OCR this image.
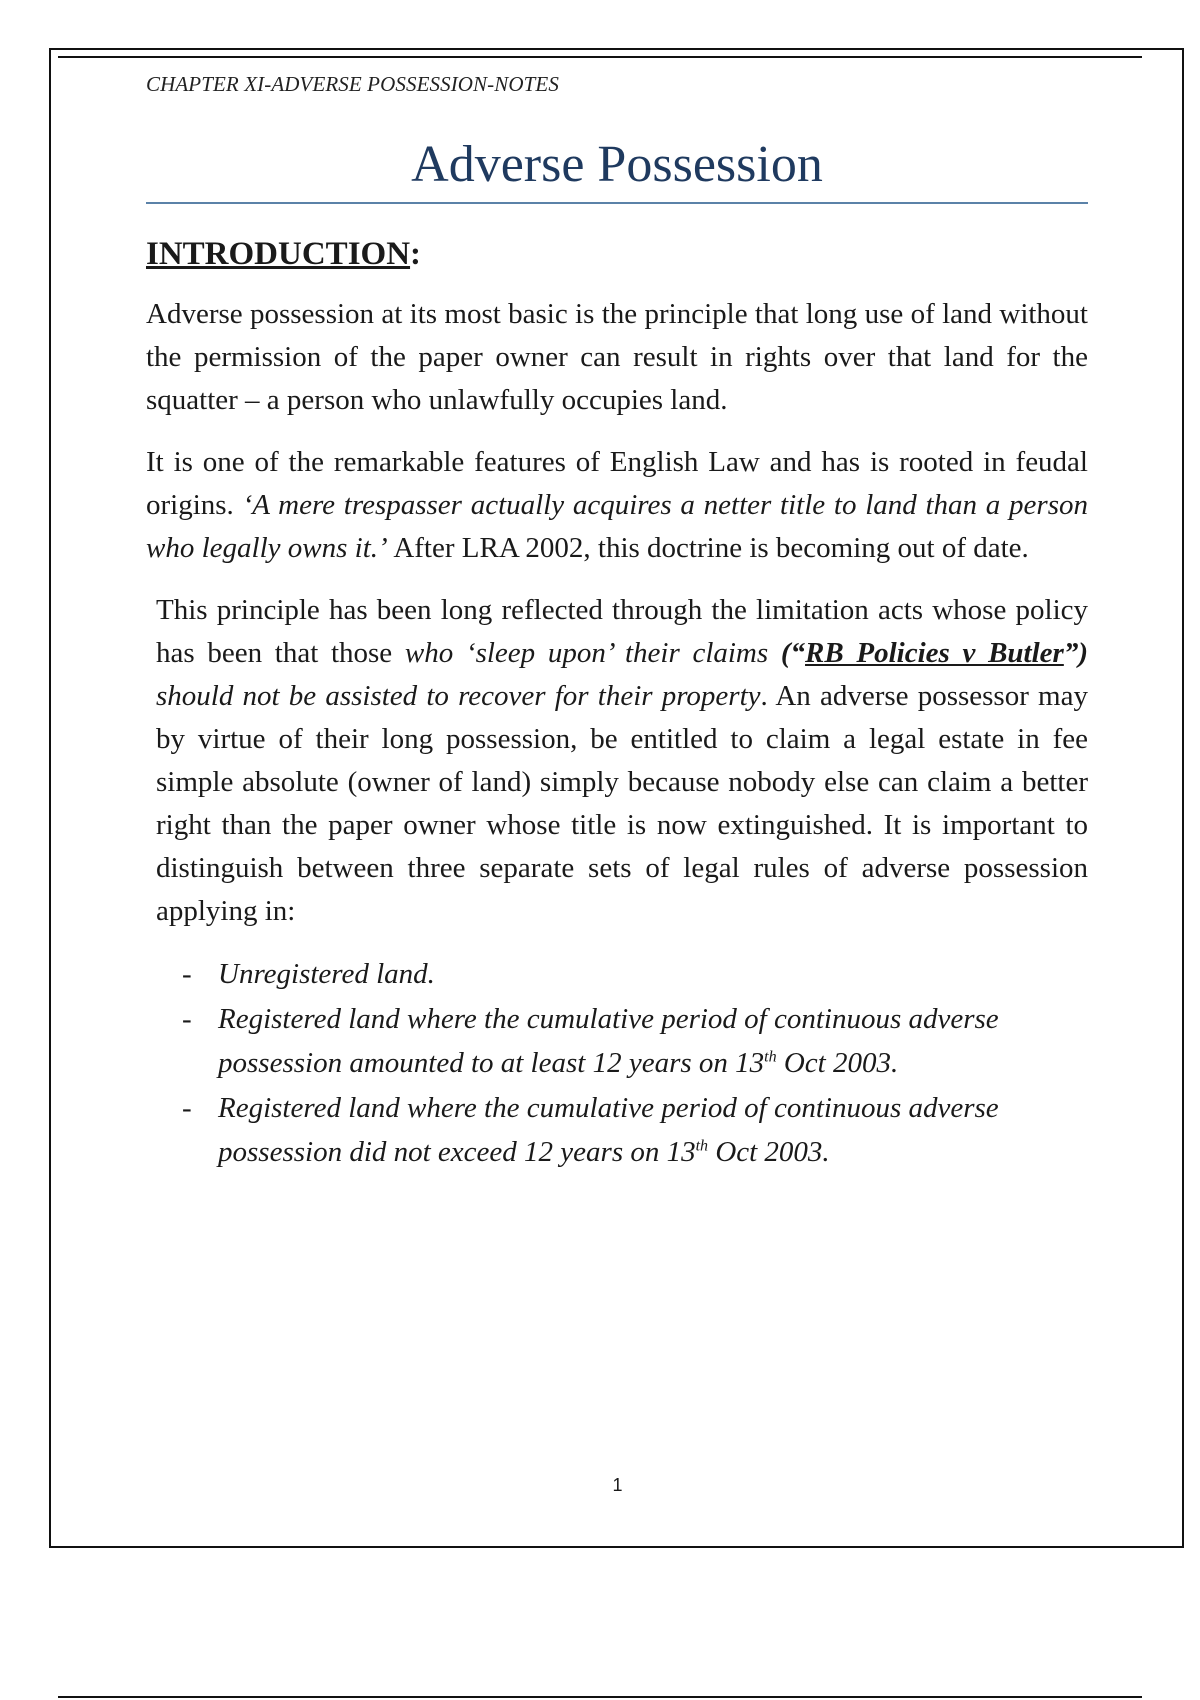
CHAPTER XI-ADVERSE POSSESSION-NOTES
Adverse Possession
INTRODUCTION:

Adverse possession at its most basic is the principle that long use of land without the permission of the paper owner can result in rights over that land for the squatter – a person who unlawfully occupies land.

It is one of the remarkable features of English Law and has is rooted in feudal origins. ‘A mere trespasser actually acquires a netter title to land than a person who legally owns it.’ After LRA 2002, this doctrine is becoming out of date.

This principle has been long reflected through the limitation acts whose policy has been that those who ‘sleep upon’ their claims (“RB Policies v Butler”) should not be assisted to recover for their property. An adverse possessor may by virtue of their long possession, be entitled to claim a legal estate in fee simple absolute (owner of land) simply because nobody else can claim a better right than the paper owner whose title is now extinguished. It is important to distinguish between three separate sets of legal rules of adverse possession applying in:

- Unregistered land.
- Registered land where the cumulative period of continuous adverse possession amounted to at least 12 years on 13th Oct 2003.
- Registered land where the cumulative period of continuous adverse possession did not exceed 12 years on 13th Oct 2003.
1
